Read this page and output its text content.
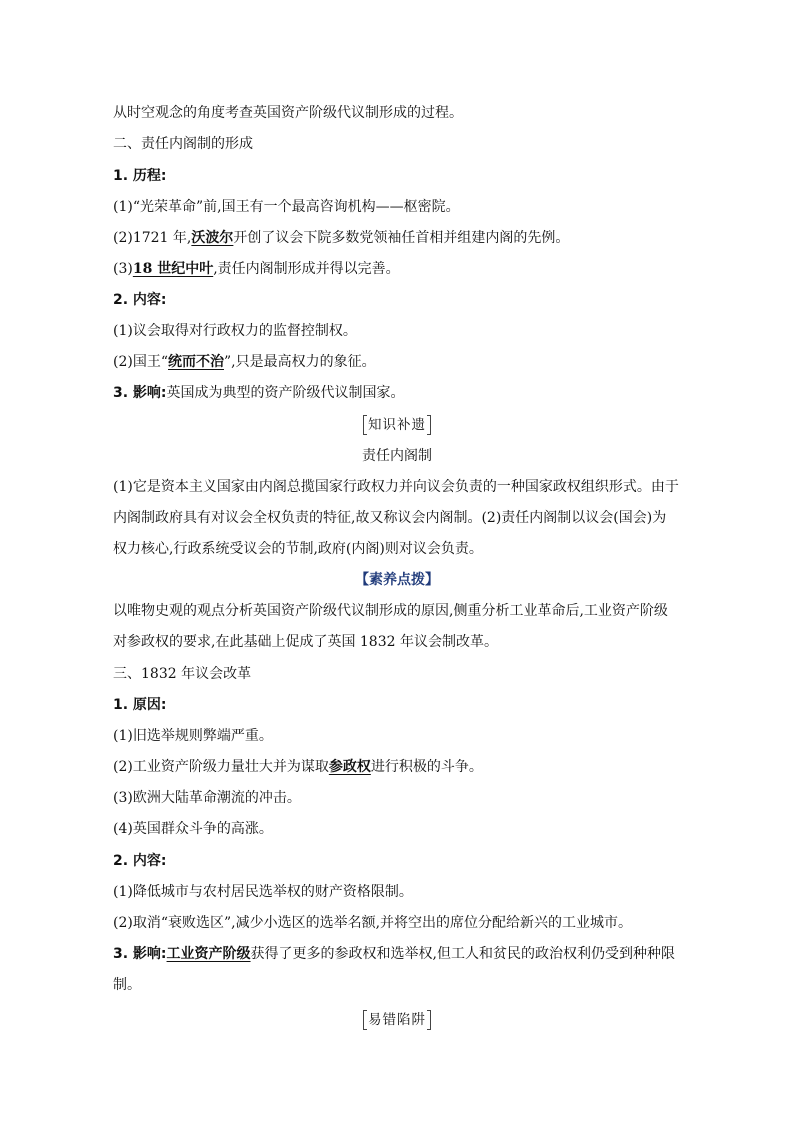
从时空观念的角度考查英国资产阶级代议制形成的过程。
二、责任内阁制的形成
1. 历程:
(1)“光荣革命”前,国王有一个最高咨询机构——枢密院。
(2)1721 年,沃波尔开创了议会下院多数党领袖任首相并组建内阁的先例。
(3)18 世纪中叶,责任内阁制形成并得以完善。
2. 内容:
(1)议会取得对行政权力的监督控制权。
(2)国王“统而不治”,只是最高权力的象征。
3. 影响:英国成为典型的资产阶级代议制国家。
知识补遗
责任内阁制
(1)它是资本主义国家由内阁总揽国家行政权力并向议会负责的一种国家政权组织形式。由于
内阁制政府具有对议会全权负责的特征,故又称议会内阁制。(2)责任内阁制以议会(国会)为
权力核心,行政系统受议会的节制,政府(内阁)则对议会负责。
【素养点拨】
以唯物史观的观点分析英国资产阶级代议制形成的原因,侧重分析工业革命后,工业资产阶级
对参政权的要求,在此基础上促成了英国 1832 年议会制改革。
三、1832 年议会改革
1. 原因:
(1)旧选举规则弊端严重。
(2)工业资产阶级力量壮大并为谋取参政权进行积极的斗争。
(3)欧洲大陆革命潮流的冲击。
(4)英国群众斗争的高涨。
2. 内容:
(1)降低城市与农村居民选举权的财产资格限制。
(2)取消“衰败选区”,减少小选区的选举名额,并将空出的席位分配给新兴的工业城市。
3. 影响:工业资产阶级获得了更多的参政权和选举权,但工人和贫民的政治权利仍受到种种限
制。
易错陷阱
